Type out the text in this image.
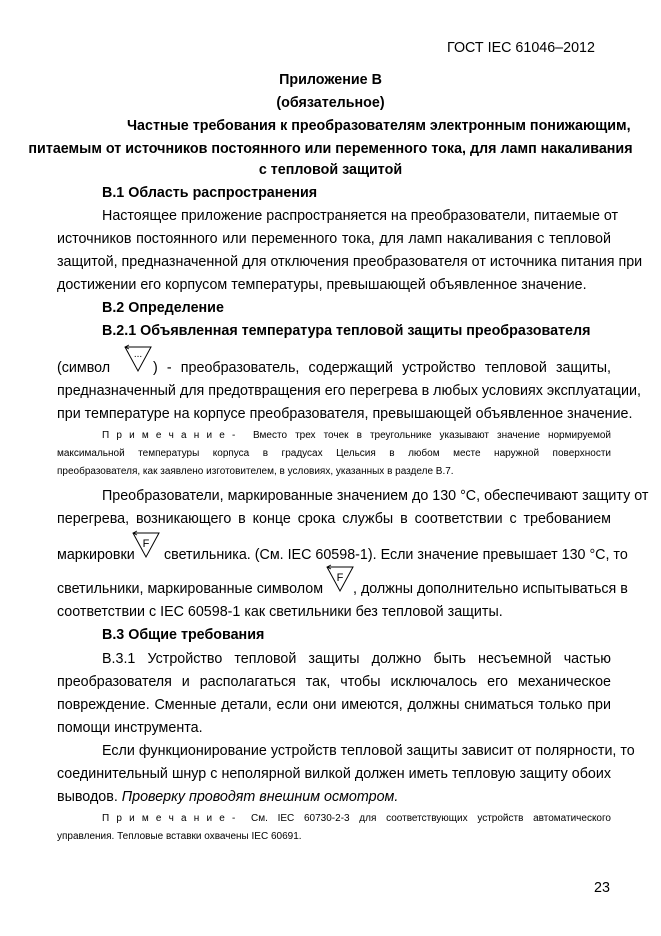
ГОСТ IEC 61046–2012
Приложение B
(обязательное)
Частные требования к преобразователям электронным понижающим,
питаемым от источников постоянного или переменного тока, для ламп накаливания
с тепловой защитой
B.1 Область распространения
Настоящее приложение распространяется на преобразователи, питаемые от
источников постоянного или переменного тока, для ламп накаливания с тепловой
защитой, предназначенной для отключения преобразователя от источника питания при
достижении его корпусом температуры, превышающей объявленное значение.
B.2 Определение
B.2.1 Объявленная температура тепловой защиты преобразователя
(символ
...
) - преобразователь, содержащий устройство тепловой защиты,
предназначенный для предотвращения его перегрева в любых условиях эксплуатации,
при температуре на корпусе преобразователя, превышающей объявленное значение.
П р и м е ч а н и е - Вместо трех точек в треугольнике указывают значение нормируемой
максимальной температуры корпуса в градусах Цельсия в любом месте наружной поверхности
преобразователя, как заявлено изготовителем, в условиях, указанных в разделе B.7.
Преобразователи, маркированные значением до 130 °С, обеспечивают защиту от
перегрева, возникающего в конце срока службы в соответствии с требованием
маркировки
F
светильника. (См. IEC 60598-1). Если значение превышает 130 °С, то
светильники, маркированные символом
F
, должны дополнительно испытываться в
соответствии с IEC 60598-1 как светильники без тепловой защиты.
B.3 Общие требования
B.3.1 Устройство тепловой защиты должно быть несъемной частью
преобразователя и располагаться так, чтобы исключалось его механическое
повреждение. Сменные детали, если они имеются, должны сниматься только при
помощи инструмента.
Если функционирование устройств тепловой защиты зависит от полярности, то
соединительный шнур с неполярной вилкой должен иметь тепловую защиту обоих
выводов. Проверку проводят внешним осмотром.
П р и м е ч а н и е - См. IEC 60730-2-3 для соответствующих устройств автоматического
управления. Тепловые вставки охвачены IEC 60691.
23
